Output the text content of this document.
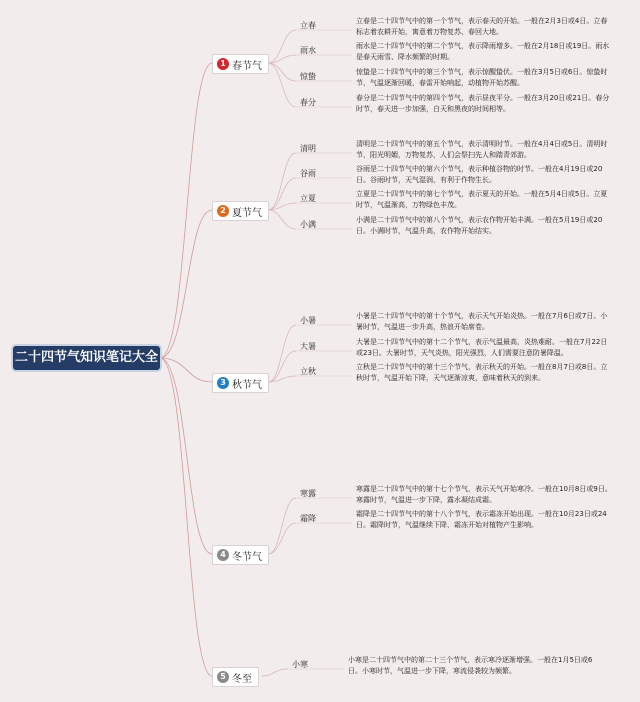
二十四节气知识笔记大全
1 春节气
立春	立春是二十四节气中的第一个节气，表示春天的开始。一般在2月3日或4日。立春标志着农耕开始，寓意着万物复苏、春回大地。
雨水	雨水是二十四节气中的第二个节气，表示降雨增多。一般在2月18日或19日。雨水是春天雨雪、降水频繁的时期。
惊蛰	惊蛰是二十四节气中的第三个节气，表示惊醒蛰伏。一般在3月5日或6日。惊蛰时节，气温逐渐回暖，春雷开始响起，动植物开始苏醒。
春分	春分是二十四节气中的第四个节气，表示昼夜平分。一般在3月20日或21日。春分时节，春天进一步加强，白天和黑夜的时间相等。
2 夏节气
清明	清明是二十四节气中的第五个节气，表示清明时节。一般在4月4日或5日。清明时节，阳光明媚，万物复苏，人们会祭扫先人和踏青郊游。
谷雨	谷雨是二十四节气中的第六个节气，表示种植谷物的时节。一般在4月19日或20日。谷雨时节，天气湿润，有利于作物生长。
立夏	立夏是二十四节气中的第七个节气，表示夏天的开始。一般在5月4日或5日。立夏时节，气温渐高，万物绿色丰茂。
小满	小满是二十四节气中的第八个节气，表示农作物开始丰满。一般在5月19日或20日。小满时节，气温升高，农作物开始结实。
3 秋节气
小暑	小暑是二十四节气中的第十个节气，表示天气开始炎热。一般在7月6日或7日。小暑时节，气温进一步升高，热浪开始席卷。
大暑	大暑是二十四节气中的第十二个节气，表示气温最高，炎热难耐。一般在7月22日或23日。大暑时节，天气炎热，阳光强烈，人们需要注意防暑降温。
立秋	立秋是二十四节气中的第十三个节气，表示秋天的开始。一般在8月7日或8日。立秋时节，气温开始下降，天气逐渐凉爽，意味着秋天的到来。
4 冬节气
寒露	寒露是二十四节气中的第十七个节气，表示天气开始寒冷。一般在10月8日或9日。寒露时节，气温进一步下降，露水凝结成霜。
霜降	霜降是二十四节气中的第十八个节气，表示霜冻开始出现。一般在10月23日或24日。霜降时节，气温继续下降，霜冻开始对植物产生影响。
5 冬至
小寒	小寒是二十四节气中的第二十三个节气，表示寒冷逐渐增强。一般在1月5日或6日。小寒时节，气温进一步下降，寒流侵袭较为频繁。
